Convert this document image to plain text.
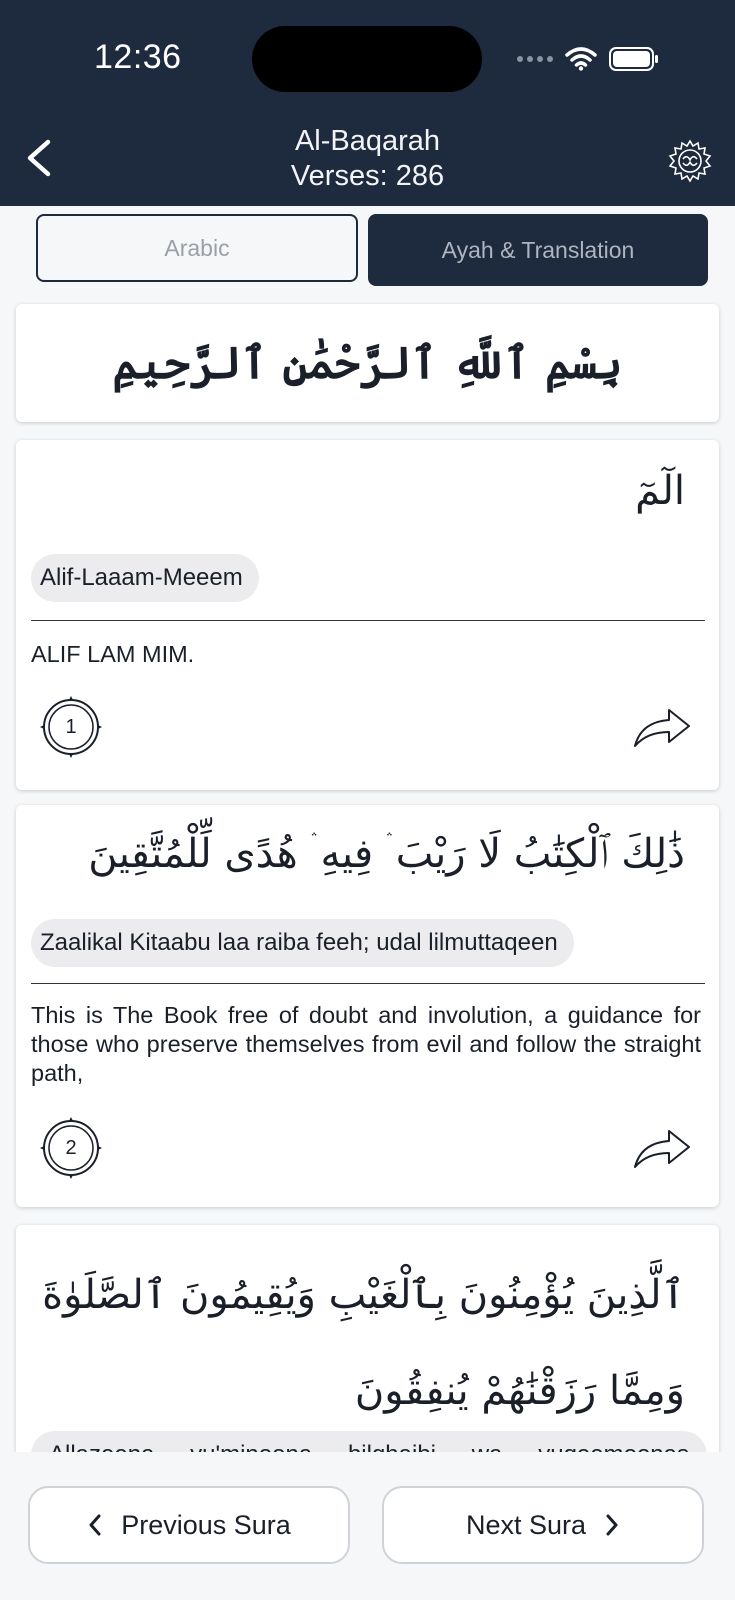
12:36
Al-Baqarah
Verses: 286
Arabic	Ayah & Translation
بِسْمِ ٱللَّهِ ٱلرَّحْمَٰنِ ٱلرَّحِيمِ
الٓمٓ
Alif-Laaam-Meeem
ALIF LAM MIM.
1
ذَٰلِكَ ٱلْكِتَٰبُ لَا رَيْبَ ۛ فِيهِ ۛ هُدًى لِّلْمُتَّقِينَ
Zaalikal Kitaabu laa raiba feeh; udal lilmuttaqeen
This is The Book free of doubt and involution, a guidance for those who preserve themselves from evil and follow the straight path,
2
ٱلَّذِينَ يُؤْمِنُونَ بِٱلْغَيْبِ وَيُقِيمُونَ ٱلصَّلَوٰةَ وَمِمَّا رَزَقْنَٰهُمْ يُنفِقُونَ
Previous Sura	Next Sura
